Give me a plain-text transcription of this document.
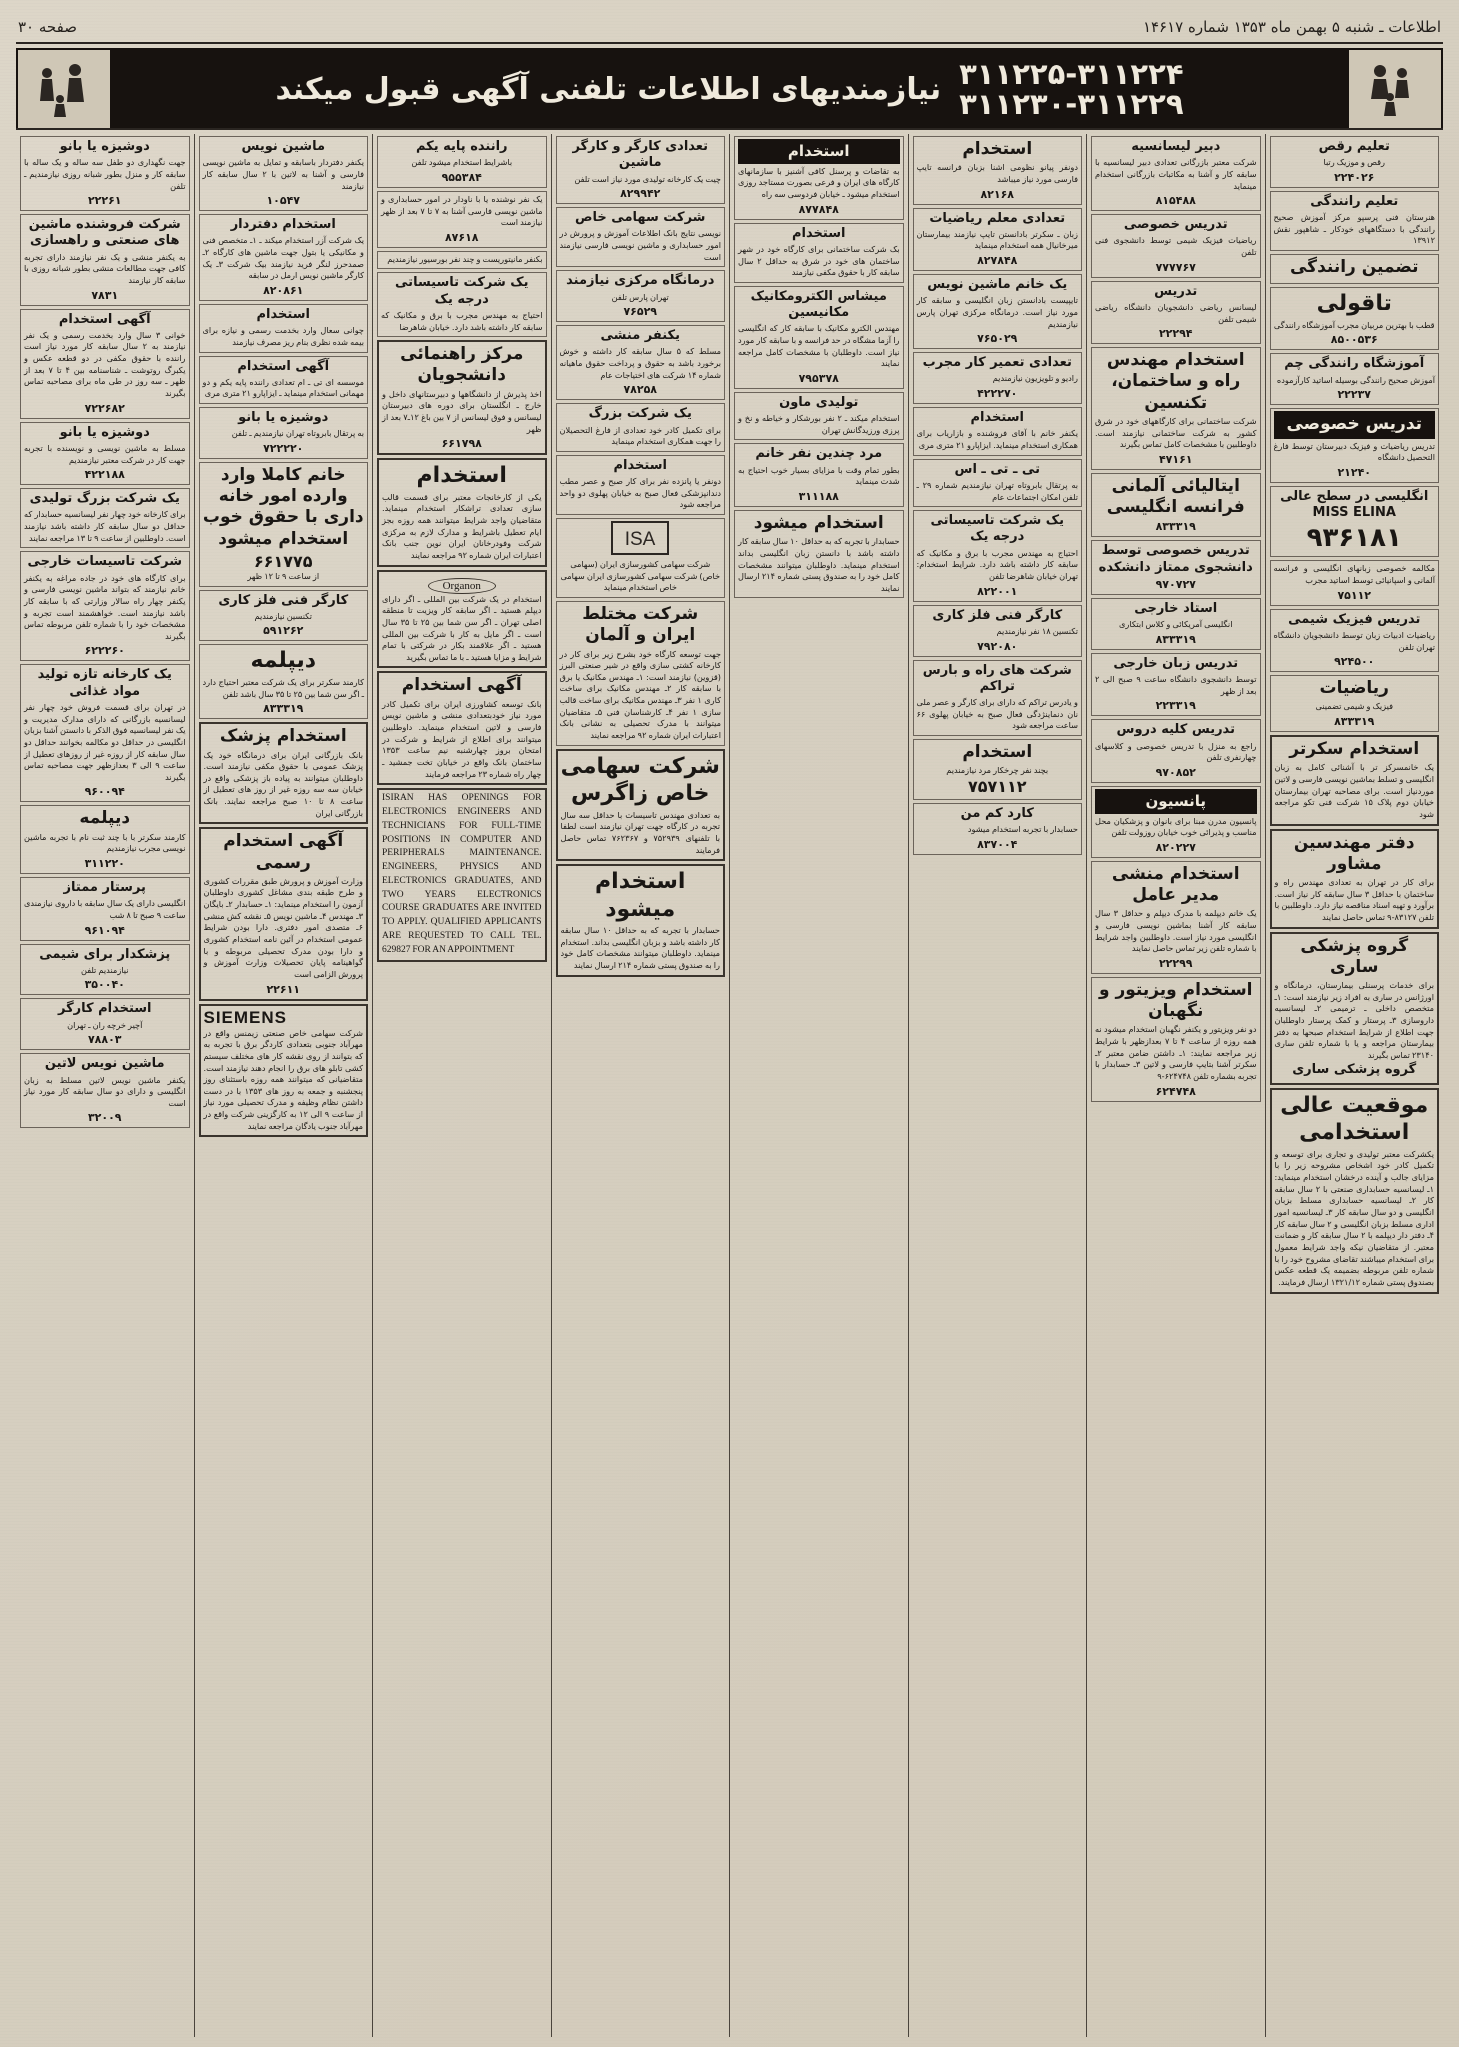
اطلاعات ـ شنبه ۵ بهمن ماه ۱۳۵۳ شماره ۱۴۶۱۷
صفحه ۳۰
نیازمندیهای اطلاعات تلفنی آگهی قبول میکند ۳۱۱۲۲۵-۳۱۱۲۲۴
۳۱۱۲۳۰-۳۱۱۲۲۹
تعلیم رقص

رقص و موزیک رتبا

۲۲۴۰۲۶
تعلیم رانندگی

هنرستان فنی پرسپو مرکز آموزش صحیح رانندگی با دستگاههای خودکار ـ شاهپور نقش ۱۳۹۱۲

تضمین رانندگی
تاقولی

قطب با بهترین مربیان مجرب آموزشگاه رانندگی

۸۵۰۰۵۳۶
آموزشگاه رانندگی چم

آموزش صحیح رانندگی بوسیله اساتید کارآزموده

۲۲۲۳۷
تدریس خصوصی

تدریس ریاضیات و فیزیک دبیرستان توسط فارغ التحصیل دانشگاه

۲۱۲۴۰
انگلیسی در سطح عالی MISS ELINA
۹۳۶۱۸۱

مکالمه خصوصی زبانهای انگلیسی و فرانسه آلمانی و اسپانیائی توسط اساتید مجرب

۷۵۱۱۲
تدریس فیزیک شیمی

ریاضیات ادبیات زبان توسط دانشجویان دانشگاه تهران تلفن

۹۲۴۵۰۰
ریاضیات

فیزیک و شیمی تضمینی

۸۳۳۳۱۹
استخدام سکرتر

یک خانمسرکز تر با آشنائی کامل به زبان انگلیسی و تسلط بماشین نویسی فارسی و لاتین موردنیاز است. برای مصاحبه تهران بیمارستان خیابان دوم پلاک ۱۵ شرکت فنی تکو مراجعه شود

دفتر مهندسین مشاور

برای کار در تهران به تعدادی مهندس راه و ساختمان با حداقل ۳ سال سابقه کار نیاز است. برآورد و تهیه اسناد مناقصه نیاز دارد. داوطلبین با تلفن ۸۳۱۲۷-۹ تماس حاصل نمایند

گروه پزشکی ساری

برای خدمات پرسنلی بیمارستان، درمانگاه و اورژانس در ساری به افراد زیر نیازمند است: ۱ـ متخصص داخلی ـ ترمیمی ۲ـ لیسانسیه داروسازی ۳ـ پرستار و کمک پرستار داوطلبان جهت اطلاع از شرایط استخدام صبحها به دفتر بیمارستان مراجعه و یا با شماره تلفن ساری ۲۳۱۴۰ تماس بگیرند

گروه پزشکی ساری
موقعیت عالی استخدامی

یکشرکت معتبر تولیدی و تجاری برای توسعه و تکمیل کادر خود اشخاص مشروحه زیر را با مزایای جالب و آینده درخشان استخدام مینماید: ۱ـ لیسانسیه حسابداری صنعتی با ۲ سال سابقه کار ۲ـ لیسانسیه حسابداری مسلط بزبان انگلیسی و دو سال سابقه کار ۳ـ لیسانسیه امور اداری مسلط بزبان انگلیسی و ۲ سال سابقه کار ۴ـ دفتر دار دیپلمه با ۲ سال سابقه کار و ضمانت معتبر. از متقاضیان نیکه واجد شرایط معمول برای استخدام میباشند تقاضای مشروح خود را با شماره تلفن مربوطه بضمیمه یک قطعه عکس بصندوق پستی شماره ۱۳۲۱/۱۲ ارسال فرمایند.

دبیر لیسانسیه

شرکت معتبر بازرگانی تعدادی دبیر لیسانسیه با سابقه کار و آشنا به مکاتبات بازرگانی استخدام مینماید

۸۱۵۴۸۸
تدریس خصوصی

ریاضیات فیزیک شیمی توسط دانشجوی فنی تلفن

۷۷۷۷۶۷
تدریس

لیسانس ریاضی دانشجویان دانشگاه ریاضی شیمی تلفن

۲۲۲۹۴
استخدام مهندس راه و ساختمان، تکنسین

شرکت ساختمانی برای کارگاههای خود در شرق کشور به شرکت ساختمانی نیازمند است. داوطلبین با مشخصات کامل تماس بگیرند

۴۷۱۶۱
ایتالیائی آلمانی فرانسه انگلیسی
۸۳۳۳۱۹
تدریس خصوصی توسط دانشجوی ممتاز دانشکده
۹۷۰۷۲۷
استاد خارجی

انگلیسی آمریکائی و کلاس ابتکاری

۸۳۳۳۱۹
تدریس زبان خارجی

توسط دانشجوی دانشگاه ساعت ۹ صبح الی ۲ بعد از ظهر

۲۲۳۳۱۹
تدریس کلیه دروس

راجع به منزل با تدریس خصوصی و کلاسهای چهارنفری تلفن

۹۷۰۸۵۲
پانسیون

پانسیون مدرن مبنا برای بانوان و پزشکیان محل مناسب و پذیرائی خوب خیابان روزولت تلفن

۸۲۰۲۲۷
استخدام منشی مدیر عامل

یک خانم دیپلمه با مدرک دیپلم و حداقل ۳ سال سابقه کار آشنا بماشین نویسی فارسی و انگلیسی مورد نیاز است. داوطلبین واجد شرایط با شماره تلفن زیر تماس حاصل نمایند

۲۲۲۹۹
استخدام ویزیتور و نگهبان

دو نفر ویزیتور و یکنفر نگهبان استخدام میشود نه همه روزه از ساعت ۴ تا ۷ بعدازظهر با شرایط زیر مراجعه نمایند: ۱ـ داشتن ضامن معتبر ۲ـ سکرتر آشنا بتایپ فارسی و لاتین ۳ـ حسابدار با تجربه بشماره تلفن ۶۲۴۷۴۸-۹

۶۲۴۷۴۸
استخدام

دونفر پیانو نظومی اشنا بزبان فرانسه تایپ فارسی مورد نیاز میباشد

۸۲۱۶۸
تعدادی معلم ریاضیات

زبان ـ سکرتر بادانستن تایپ نیازمند بیمارستان میرخانیال همه استخدام مینماید

۸۲۷۸۴۸
یک خانم ماشین نویس

تایپیست بادانستن زبان انگلیسی و سابقه کار مورد نیاز است. درمانگاه مرکزی تهران پارس نیازمندیم

۷۶۵۰۲۹
تعدادی تعمیر کار مجرب

رادیو و تلویزیون نیازمندیم

۴۲۲۲۷۰
استخدام

یکنفر خانم با آقای فروشنده و بازاریاب برای همکاری استخدام مینماید. ایزاپارو ۲۱ متری مری

تی ـ تی ـ اس

به پرتقال بابروتاه تهران نیازمندیم شماره ۲۹ ـ تلفن امکان اجتماعات عام

یک شرکت تاسیساتی درجه یک

احتیاج به مهندس مجرب با برق و مکانیک که سابقه کار داشته باشد دارد. شرایط استخدام: تهران خیابان شاهرضا تلفن

۸۲۲۰۰۱
کارگر فنی فلز کاری

تکنسین ۱۸ نفر نیازمندیم

۷۹۲۰۸۰
شرکت های راه و بارس تراکم

و یادرس تراکم که دارای برای کارگر و عصر ملی نان دنماینژدگی فعال صبح به خیابان پهلوی ۶۶ ساعت مراجعه شود

استخدام

بچند نفر چرخکار مرد نیازمندیم

۷۵۷۱۱۲
کارد کم من

حسابدار با تجربه استخدام میشود

۸۳۷۰۰۴
استخدام

به تقاضات و پرسنل کافی آشنیز با سازمانهای کارگاه های ایران و فرعی بصورت مستاجد روزی استخدام میشود ـ خیابان فردوسی سه راه

۸۷۷۸۴۸
استخدام

بک شرکت ساختمانی برای کارگاه خود در شهر ساختمان های خود در شرق به حداقل ۲ سال سابقه کار با حقوق مکفی نیازمند

میشاس الکترومکانیک مکانیسین

مهندس الکترو مکانیک با سابقه کار که انگلیسی را آزما مشگاه در حد فرانسه و با سابقه کار مورد نیاز است. داوطلبان با مشخصات کامل مراجعه نمایند

۷۹۵۳۷۸
تولیدی ماون

استخدام میکند ـ ۲ نفر بورشکار و خیاطه و نخ و پرزی ورزیدگانش تهران

مرد چندین نفر خانم

بطور تمام وقت با مزایای بسیار خوب احتیاج به شدت مینماید

۳۱۱۱۸۸
استخدام میشود

حسابدار با تجربه که به حداقل ۱۰ سال سابقه کار داشته باشد با دانستن زبان انگلیسی بداند استخدام مینماید. داوطلبان میتوانند مشخصات کامل خود را به صندوق پستی شماره ۲۱۴ ارسال نمایند

تعدادی کارگر و کارگر ماشین

چیت یک کارخانه تولیدی مورد نیاز است تلفن

۸۲۹۹۴۲
شرکت سهامی خاص

نویسی نتایج بانک اطلاعات آموزش و پرورش در امور حسابداری و ماشین نویسی فارسی نیازمند است

درمانگاه مرکزی نیازمند

تهران پارس تلفن

۷۶۵۲۹
یکنفر منشی

مسلط که ۵ سال سابقه کار داشته و خوش برخورد باشد به حقوق و پرداخت حقوق ماهیانه شماره ۱۴ شرکت های اختیاجات عام

۷۸۲۵۸
یک شرکت بزرگ

برای تکمیل کادر خود تعدادی از فارغ التحصیلان را جهت همکاری استخدام مینماید

استخدام

دونفر یا پانزده نفر برای کار صبح و عصر مطب دندانپزشکی فعال صبح به خیابان پهلوی دو واحد مراجعه شود

ISA

شرکت سهامی کشورسازی ایران (سهامی خاص) شرکت سهامی کشورسازی ایران سهامی خاص استخدام مینماید

شرکت مختلط ایران و آلمان

جهت توسعه کارگاه خود بشرح زیر برای کار در کارخانه کشتی سازی واقع در شیر صنعتی البرز (قزوین) نیازمند است: ۱ـ مهندس مکانیک یا برق با سابقه کار ۲ـ مهندس مکانیک برای ساخت کاری ۱ نفر ۳ـ مهندس مکانیک برای ساخت قالب سازی ۱ نفر ۴ـ کارشناسان فنی ۵ـ متقاضیان میتوانند با مدرک تحصیلی به نشانی بانک اعتبارات ایران شماره ۹۲ مراجعه نمایند

شرکت سهامی خاص زاگرس

به تعدادی مهندس تاسیسات با حداقل سه سال تجربه در کارگاه جهت تهران نیازمند است لطفا با تلفنهای ۷۵۲۹۳۹ و ۷۶۲۳۶۷ تماس حاصل فرمایند

استخدام میشود

حسابدار با تجربه که به حداقل ۱۰ سال سابقه کار داشته باشد و بزبان انگلیسی بداند. استخدام مینماید. داوطلبان میتوانند مشخصات کامل خود را به صندوق پستی شماره ۲۱۴ ارسال نمایند

راننده پایه یکم

باشرایط استخدام میشود تلفن

۹۵۵۳۸۴

یک نفر نوشنده یا با ناودار در امور حسابداری و ماشین نویسی فارسی آشنا به ۷ تا ۷ بعد از ظهر نیازمند است

۸۷۶۱۸

بکنفر مانیتوریست و چند نفر بورسیور نیازمندیم

یک شرکت تاسیساتی درجه یک

احتیاج به مهندس مجرب با برق و مکانیک که سابقه کار داشته باشد دارد. خیابان شاهرضا

مرکز راهنمائی دانشجویان

اخذ پذیرش از دانشگاهها و دبیرستانهای داخل و خارج ـ انگلستان برای دوره های دبیرستان لیسانس و فوق لیسانس از ۷ بین باغ ۱۲ـ۷ بعد از ظهر

۶۶۱۷۹۸
استخدام

یکی از کارخانجات معتبر برای قسمت قالب سازی تعدادی تراشکار استخدام مینماید. متقاضیان واجد شرایط میتوانند همه روزه بجز ایام تعطیل باشرایط و مدارک لازم به مرکزی شرکت وفودرخانان ایران نوین جنب بانک اعتبارات ایران شماره ۹۲ مراجعه نمایند

Organon

استخدام در یک شرکت بین المللی ـ اگر دارای دیپلم هستید ـ اگر سابقه کار ویزیت تا منطقه اصلی تهران ـ اگر سن شما بین ۲۵ تا ۳۵ سال است ـ اگر مایل به کار با شرکت بین المللی هستید ـ اگر علاقمند بکار در شرکتی با تمام شرایط و مزایا هستید ـ با ما تماس بگیرید

آگهی استخدام

بانک توسعه کشاورزی ایران برای تکمیل کادر مورد نیاز خودبتعدادی منشی و ماشین نویس فارسی و لاتین استخدام مینماید. داوطلبین میتوانند برای اطلاع از شرایط و شرکت در امتحان بروز چهارشنبه نیم ساعت ۱۳۵۳ ساختمان بانک واقع در خیابان تخت جمشید ـ چهار راه شماره ۲۳ مراجعه فرمایند

ISIRAN HAS OPENINGS FOR ELECTRONICS ENGINEERS AND TECHNICIANS FOR FULL-TIME POSITIONS IN COMPUTER AND PERIPHERALS MAINTENANCE. ENGINEERS, PHYSICS AND ELECTRONICS GRADUATES, AND TWO YEARS ELECTRONICS COURSE GRADUATES ARE INVITED TO APPLY. QUALIFIED APPLICANTS ARE REQUESTED TO CALL TEL. 629827 FOR AN APPOINTMENT

ماشین نویس

یکنفر دفتردار باسابقه و تمایل به ماشین نویسی فارسی و آشنا به لاتین با ۲ سال سابقه کار نیازمند

۱۰۵۴۷
استخدام دفتردار

یک شرکت آزر استخدام میکند ـ ۱ـ متخصص فنی و مکانیکی یا بتول جهت ماشین های کارگاه ۲ـ صمدحرز لنگر فرید نیازمند بیک شرکت ۳ـ یک کارگر ماشین نویس ارمل در سابقه

۸۲۰۸۶۱
استخدام

چوانی سعال وارد بخدمت رسمی و نیازه برای بیمه شده نظری بنام ریز مصرف نیازمند

آگهی استخدام

موسسه ای تی ـ ام تعدادی راننده پایه یکم و دو مهمانی استخدام مینماید ـ ایزاپارو ۲۱ متری مری

دوشیزه یا بانو

به پرتقال بابروتاه تهران نیازمندیم ـ تلفن

۷۲۲۲۲۰
خانم کاملا وارد وارده امور خانه داری با حقوق خوب استخدام میشود
۶۶۱۷۷۵

از ساعت ۹ تا ۱۲ ظهر

کارگر فنی فلز کاری

تکنسین نیازمندیم

۵۹۱۲۶۲
دیپلمه

کارمند سکرتر برای یک شرکت معتبر احتیاج دارد ـ اگر سن شما بین ۲۵ تا ۳۵ سال باشد تلفن

۸۳۳۳۱۹
استخدام پزشک

بانک بازرگانی ایران برای درمانگاه خود یک پزشک عمومی با حقوق مکفی نیازمند است. داوطلبان میتوانند به پیاده باز پزشکی واقع در خیابان سه سه روزه غیر از روز های تعطیل از ساعت ۸ تا ۱۰ صبح مراجعه نمایند. بانک بازرگانی ایران

آگهی استخدام رسمی

وزارت آموزش و پرورش طبق مقررات کشوری و طرح طبقه بندی مشاغل کشوری داوطلبان آزمون را استخدام مینماید: ۱ـ حسابدار ۲ـ بایگان ۳ـ مهندس ۴ـ ماشین نویس ۵ـ نقشه کش منشی ۶ـ متصدی امور دفتری. دارا بودن شرایط عمومی استخدام در آئین نامه استخدام کشوری و دارا بودن مدرک تحصیلی مربوطه و با گواهینامه پایان تحصیلات وزارت آموزش و پرورش الزامی است

۲۲۶۱۱
SIEMENS

شرکت سهامی خاص صنعتی زیمنس واقع در مهرآباد جنوبی بتعدادی کاردگر برق با تجربه به که بتوانند از روی نقشه کار های مختلف سیستم کشی تابلو های برق را انجام دهند نیازمند است. متقاضیانی که میتوانند همه روزه باستثنای روز پنجشنبه و جمعه به روز های ۱۳۵۳ با در دست داشتن نظام وظیفه و مدرک تحصیلی مورد نیاز از ساعت ۹ الی ۱۲ به کارگزینی شرکت واقع در مهرآباد جنوب یادگان مراجعه نمایند

دوشیزه یا بانو

جهت نگهداری دو طفل سه ساله و یک ساله با سابقه کار و منزل بطور شبانه روزی نیازمندیم ـ تلفن

۲۲۲۶۱
شرکت فروشنده ماشین های صنعتی و راهسازی

به یکنفر منشی و یک نفر نیازمند دارای تجربه کافی جهت مطالعات منشی بطور شبانه روزی با سابقه کار نیازمند

۷۸۳۱
آگهی استخدام

خوانی ۳ سال وارد بخدمت رسمی و یک نفر نیازمند به ۲ سال سابقه کار مورد نیاز است راننده با حقوق مکفی در دو قطعه عکس و یکبرگ روتوشت ـ شناسنامه بین ۴ تا ۷ بعد از ظهر ـ سه روز در طی ماه برای مصاحبه تماس بگیرند

۷۲۲۶۸۲
دوشیزه یا بانو

مسلط به ماشین نویسی و نویسنده با تجربه جهت کار در شرکت معتبر نیازمندیم

۴۲۲۱۸۸
یک شرکت بزرگ تولیدی

برای کارخانه خود چهار نفر لیسانسیه حسابدار که حداقل دو سال سابقه کار داشته باشد نیازمند است. داوطلبین از ساعت ۹ تا ۱۳ مراجعه نمایند

شرکت تاسیسات خارجی

برای کارگاه های خود در جاده مراغه به یکنفر خانم نیازمند که بتواند ماشین نویسی فارسی و یکنفر چهار راه سالار وزارتی که با سابقه کار باشد نیازمند است. خواهشمند است تجربه و مشخصات خود را با شماره تلفن مربوطه تماس بگیرند

۶۲۲۲۶۰
یک کارخانه تازه تولید مواد غذائی

در تهران برای قسمت فروش خود چهار نفر لیسانسیه بازرگانی که دارای مدارک مدیریت و یک نفر لیسانسیه فوق الذکر با دانستن آشنا بزبان انگلیسی در حداقل دو مکالمه بخوانند حداقل دو سال سابقه کار از روزه غیر از روزهای تعطیل از ساعت ۹ الی ۳ بعدازظهر جهت مصاحبه تماس بگیرند

۹۶۰۰۹۴
دیپلمه

کارمند سکرتر با با چند ثبت نام با تجربه ماشین نویسی مجرب نیازمندیم

۳۱۱۲۲۰
پرستار ممتاز

انگلیسی دارای یک سال سابقه با داروی نیازمندی ساعت ۹ صبح تا ۸ شب

۹۶۱۰۹۴
پزشکدار برای شیمی

نیازمندیم تلفن

۳۵۰۰۴۰
استخدام کارگر

آچیر خرچه ران ـ تهران

۷۸۸۰۳
ماشین نویس لاتین

یکنفر ماشین نویس لاتین مسلط به زبان انگلیسی و دارای دو سال سابقه کار مورد نیاز است

۳۲۰۰۹
